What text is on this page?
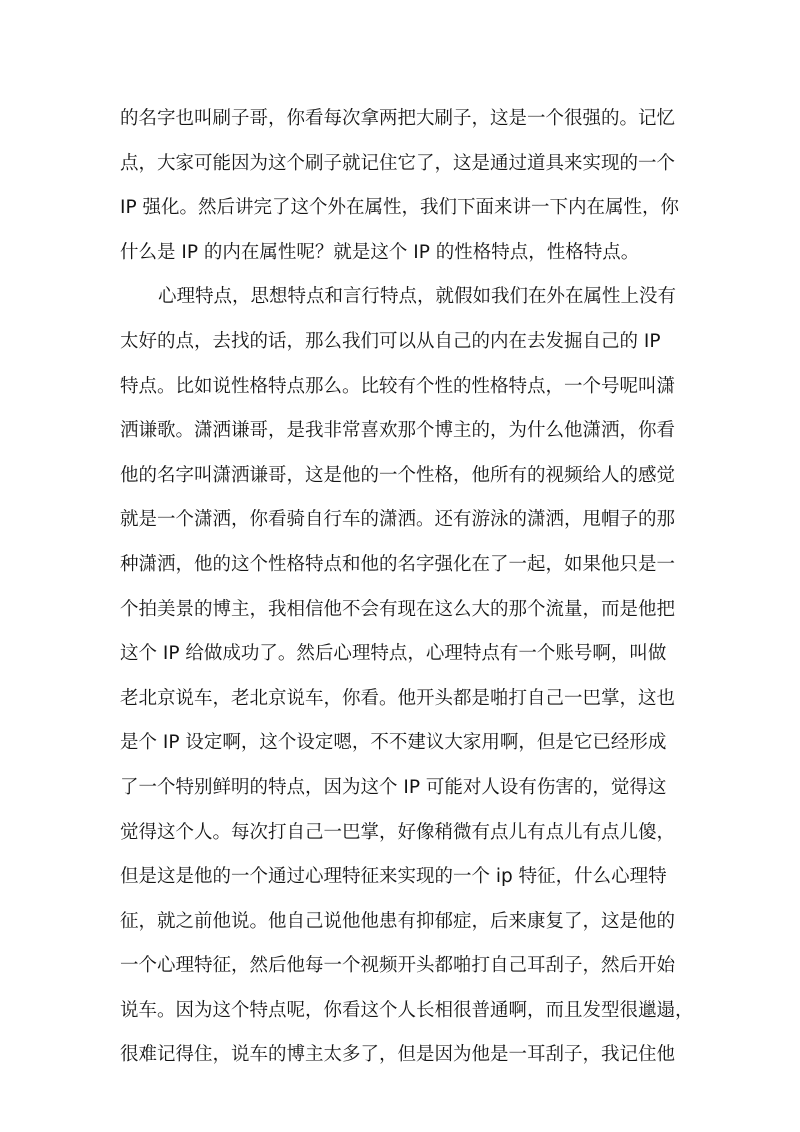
的名字也叫刷子哥，你看每次拿两把大刷子，这是一个很强的。记忆
点，大家可能因为这个刷子就记住它了，这是通过道具来实现的一个
IP 强化。然后讲完了这个外在属性，我们下面来讲一下内在属性，你
什么是 IP 的内在属性呢？就是这个 IP 的性格特点，性格特点。
心理特点，思想特点和言行特点，就假如我们在外在属性上没有
太好的点，去找的话，那么我们可以从自己的内在去发掘自己的 IP
特点。比如说性格特点那么。比较有个性的性格特点，一个号呢叫潇
洒谦歌。潇洒谦哥，是我非常喜欢那个博主的，为什么他潇洒，你看
他的名字叫潇洒谦哥，这是他的一个性格，他所有的视频给人的感觉
就是一个潇洒，你看骑自行车的潇洒。还有游泳的潇洒，甩帽子的那
种潇洒，他的这个性格特点和他的名字强化在了一起，如果他只是一
个拍美景的博主，我相信他不会有现在这么大的那个流量，而是他把
这个 IP 给做成功了。然后心理特点，心理特点有一个账号啊，叫做
老北京说车，老北京说车，你看。他开头都是啪打自己一巴掌，这也
是个 IP 设定啊，这个设定嗯，不不建议大家用啊，但是它已经形成
了一个特别鲜明的特点，因为这个 IP 可能对人设有伤害的，觉得这
觉得这个人。每次打自己一巴掌，好像稍微有点儿有点儿有点儿傻，
但是这是他的一个通过心理特征来实现的一个 ip 特征，什么心理特
征，就之前他说。他自己说他他患有抑郁症，后来康复了，这是他的
一个心理特征，然后他每一个视频开头都啪打自己耳刮子，然后开始
说车。因为这个特点呢，你看这个人长相很普通啊，而且发型很邋遢，
很难记得住，说车的博主太多了，但是因为他是一耳刮子，我记住他
